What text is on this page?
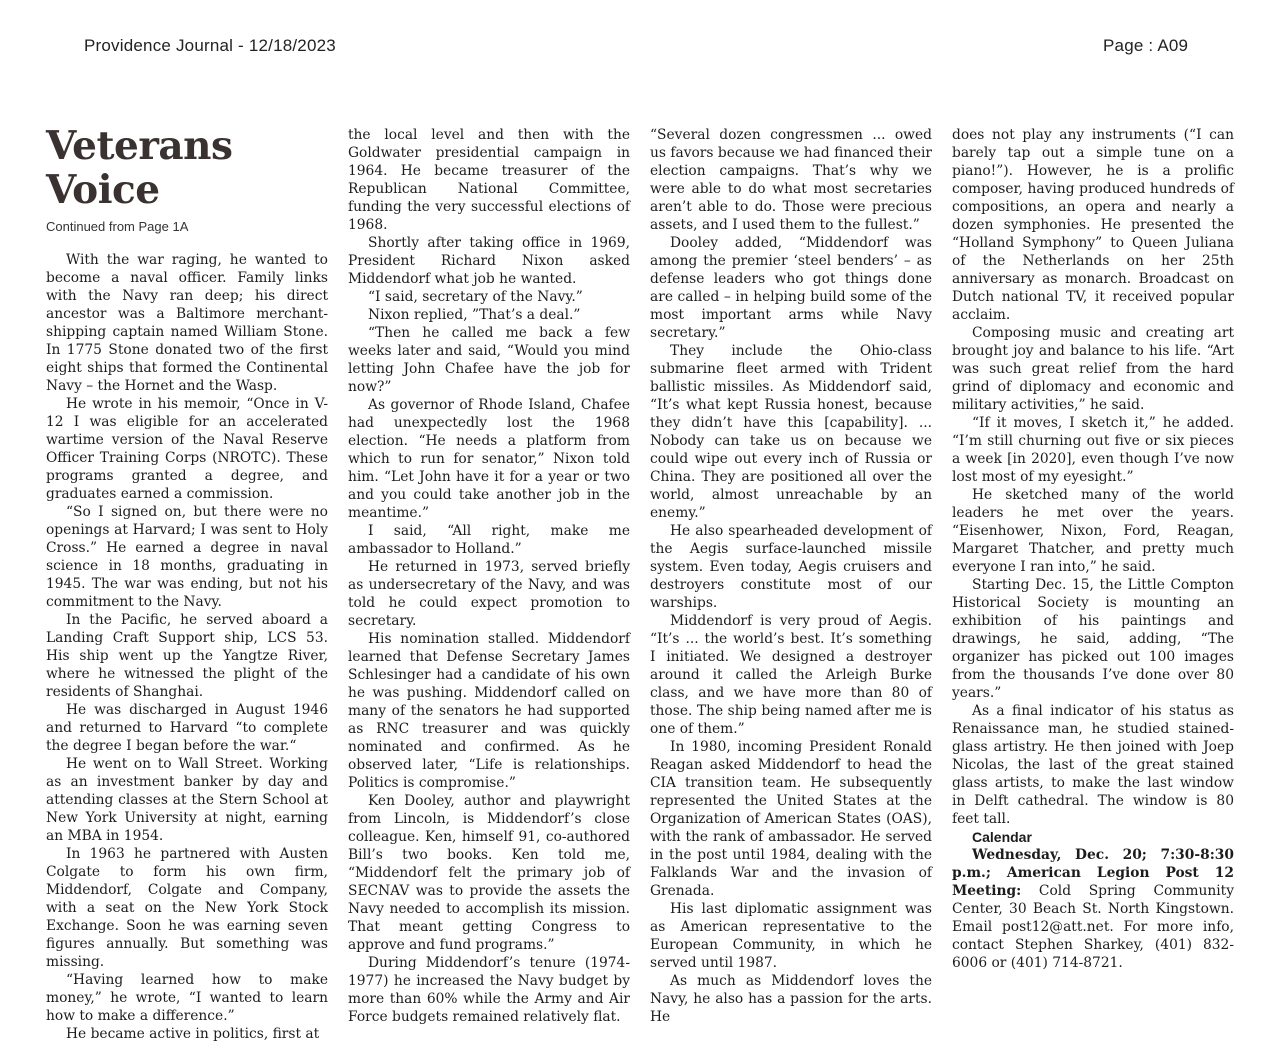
Providence Journal - 12/18/2023	Page : A09
Veterans Voice
Continued from Page 1A

With the war raging, he wanted to become a naval officer. Family links with the Navy ran deep; his direct ancestor was a Baltimore merchant-shipping captain named William Stone. In 1775 Stone donated two of the first eight ships that formed the Continental Navy – the Hornet and the Wasp.

He wrote in his memoir, “Once in V-12 I was eligible for an accelerated wartime version of the Naval Reserve Officer Training Corps (NROTC). These programs granted a degree, and graduates earned a commission.

“So I signed on, but there were no openings at Harvard; I was sent to Holy Cross.” He earned a degree in naval science in 18 months, graduating in 1945. The war was ending, but not his commitment to the Navy.

In the Pacific, he served aboard a Landing Craft Support ship, LCS 53. His ship went up the Yangtze River, where he witnessed the plight of the residents of Shanghai.

He was discharged in August 1946 and returned to Harvard “to complete the degree I began before the war.“

He went on to Wall Street. Working as an investment banker by day and attending classes at the Stern School at New York University at night, earning an MBA in 1954.

In 1963 he partnered with Austen Colgate to form his own firm, Middendorf, Colgate and Company, with a seat on the New York Stock Exchange. Soon he was earning seven figures annually. But something was missing.

“Having learned how to make money,” he wrote, “I wanted to learn how to make a difference.”

He became active in politics, first at

the local level and then with the Goldwater presidential campaign in 1964. He became treasurer of the Republican National Committee, funding the very successful elections of 1968.

Shortly after taking office in 1969, President Richard Nixon asked Middendorf what job he wanted.

“I said, secretary of the Navy.”

Nixon replied, ”That’s a deal.”

“Then he called me back a few weeks later and said, “Would you mind letting John Chafee have the job for now?”

As governor of Rhode Island, Chafee had unexpectedly lost the 1968 election. “He needs a platform from which to run for senator,” Nixon told him. “Let John have it for a year or two and you could take another job in the meantime.”

I said, “All right, make me ambassador to Holland.”

He returned in 1973, served briefly as undersecretary of the Navy, and was told he could expect promotion to secretary.

His nomination stalled. Middendorf learned that Defense Secretary James Schlesinger had a candidate of his own he was pushing. Middendorf called on many of the senators he had supported as RNC treasurer and was quickly nominated and confirmed. As he observed later, “Life is relationships. Politics is compromise.”

Ken Dooley, author and playwright from Lincoln, is Middendorf’s close colleague. Ken, himself 91, co-authored Bill’s two books. Ken told me, “Middendorf felt the primary job of SECNAV was to provide the assets the Navy needed to accomplish its mission. That meant getting Congress to approve and fund programs.”

During Middendorf’s tenure (1974-1977) he increased the Navy budget by more than 60% while the Army and Air Force budgets remained relatively flat.

“Several dozen congressmen ... owed us favors because we had financed their election campaigns. That’s why we were able to do what most secretaries aren’t able to do. Those were precious assets, and I used them to the fullest.”

Dooley added, “Middendorf was among the premier ‘steel benders’ – as defense leaders who got things done are called – in helping build some of the most important arms while Navy secretary.”

They include the Ohio-class submarine fleet armed with Trident ballistic missiles. As Middendorf said, “It’s what kept Russia honest, because they didn’t have this [capability]. ... Nobody can take us on because we could wipe out every inch of Russia or China. They are positioned all over the world, almost unreachable by an enemy.”

He also spearheaded development of the Aegis surface-launched missile system. Even today, Aegis cruisers and destroyers constitute most of our warships.

Middendorf is very proud of Aegis. “It’s ... the world’s best. It’s something I initiated. We designed a destroyer around it called the Arleigh Burke class, and we have more than 80 of those. The ship being named after me is one of them.”

In 1980, incoming President Ronald Reagan asked Middendorf to head the CIA transition team. He subsequently represented the United States at the Organization of American States (OAS), with the rank of ambassador. He served in the post until 1984, dealing with the Falklands War and the invasion of Grenada.

His last diplomatic assignment was as American representative to the European Community, in which he served until 1987.

As much as Middendorf loves the Navy, he also has a passion for the arts. He

does not play any instruments (“I can barely tap out a simple tune on a piano!”). However, he is a prolific composer, having produced hundreds of compositions, an opera and nearly a dozen symphonies. He presented the “Holland Symphony” to Queen Juliana of the Netherlands on her 25th anniversary as monarch. Broadcast on Dutch national TV, it received popular acclaim.

Composing music and creating art brought joy and balance to his life. “Art was such great relief from the hard grind of diplomacy and economic and military activities,” he said.

“If it moves, I sketch it,” he added. “I’m still churning out five or six pieces a week [in 2020], even though I’ve now lost most of my eyesight.”

He sketched many of the world leaders he met over the years. “Eisenhower, Nixon, Ford, Reagan, Margaret Thatcher, and pretty much everyone I ran into,” he said.

Starting Dec. 15, the Little Compton Historical Society is mounting an exhibition of his paintings and drawings, he said, adding, “The organizer has picked out 100 images from the thousands I’ve done over 80 years.”

As a final indicator of his status as Renaissance man, he studied stained-glass artistry. He then joined with Joep Nicolas, the last of the great stained glass artists, to make the last window in Delft cathedral. The window is 80 feet tall.

Calendar

Wednesday, Dec. 20; 7:30-8:30 p.m.; American Legion Post 12 Meeting: Cold Spring Community Center, 30 Beach St. North Kingstown. Email post12@att.net. For more info, contact Stephen Sharkey, (401) 832-6006 or (401) 714-8721.
